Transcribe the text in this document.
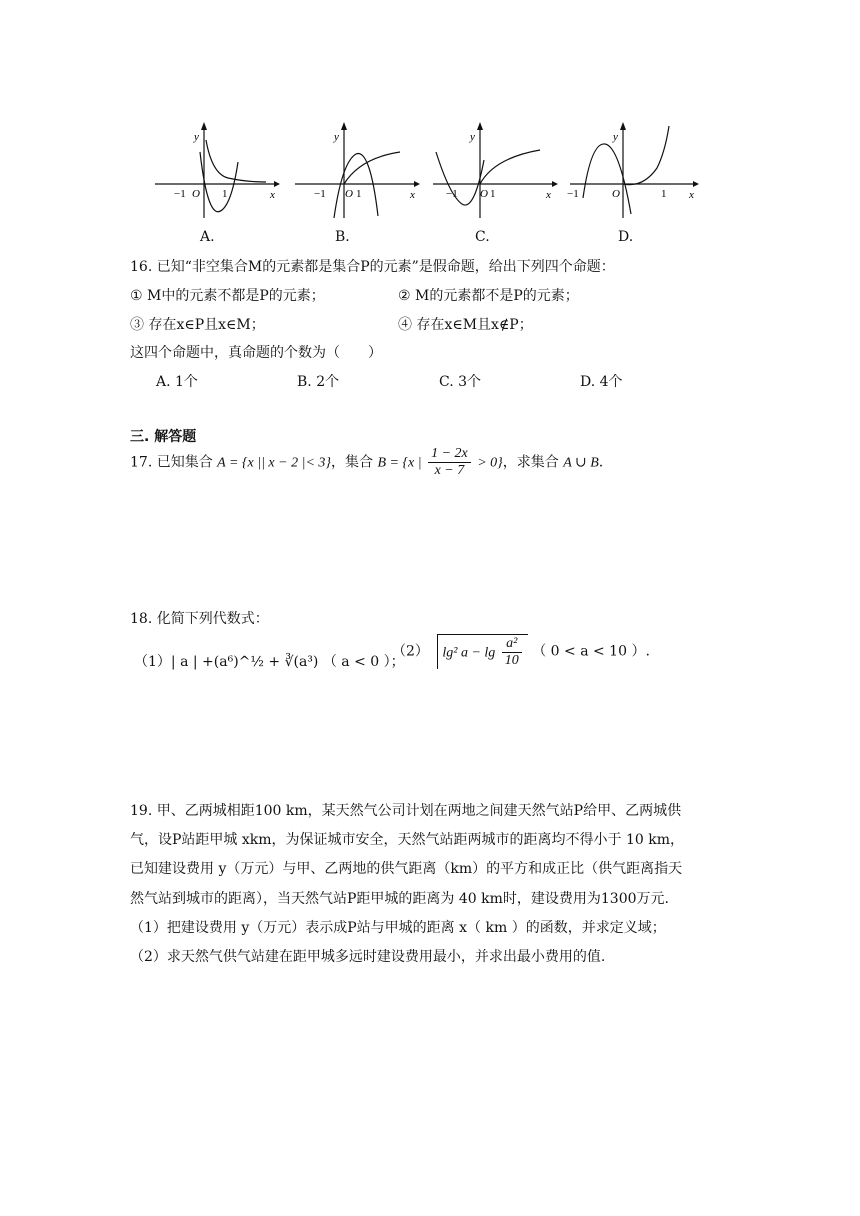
y
x
−1 O 1
y
x
−1 O 1
y
x
−1 O 1
y
x
−1	O	1
A.	B.	C.	D.
16. 已知“非空集合M的元素都是集合P的元素”是假命题，给出下列四个命题：
① M中的元素不都是P的元素；	② M的元素都不是P的元素；
③ 存在x∈P且x∈M；	④ 存在x∈M且x∉P；
这四个命题中，真命题的个数为（　　）
A. 1个	B. 2个	C. 3个	D. 4个
三. 解答题
17. 已知集合 A = {x || x − 2 |< 3}，集合 B = {x | $\frac{1 - 2x}{x - 7} > 0$}，求集合 A ∪ B.
18. 化简下列代数式：
（1）| a | +(a⁶)^½ + ∛(a³) （ a < 0 ）；
（2） lg² $a - \lg \frac{\text{a²}}{10}$ （ 0 < a < 10 ）.
19. 甲、乙两城相距100 km，某天然气公司计划在两地之间建天然气站P给甲、乙两城供
气，设P站距甲城 xkm，为保证城市安全，天然气站距两城市的距离均不得小于 10 km，
已知建设费用 y（万元）与甲、乙两地的供气距离（km）的平方和成正比（供气距离指天
然气站到城市的距离），当天然气站P距甲城的距离为 40 km时，建设费用为1300万元.
（1）把建设费用 y（万元）表示成P站与甲城的距离 x（ km ）的函数，并求定义域；
（2）求天然气供气站建在距甲城多远时建设费用最小，并求出最小费用的值.
